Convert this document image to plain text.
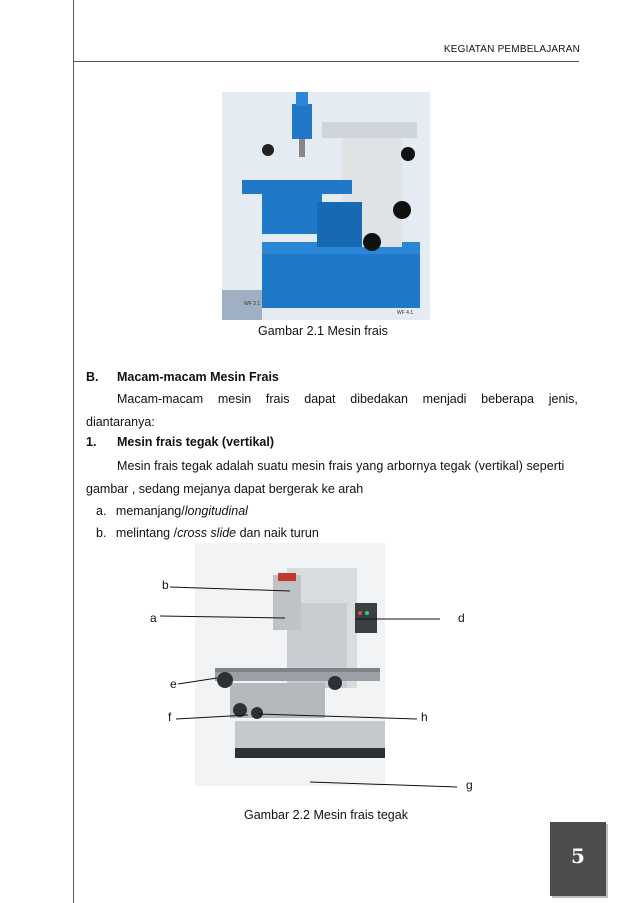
KEGIATAN PEMBELAJARAN
WF 3.1
WF 4.1
Gambar 2.1 Mesin frais
B. Macam-macam Mesin Frais
Macam-macam mesin frais dapat dibedakan menjadi beberapa jenis,
diantaranya:
1. Mesin frais tegak (vertikal)
Mesin frais tegak adalah suatu mesin frais yang arbornya tegak (vertikal) seperti
gambar , sedang mejanya dapat bergerak ke arah
a. memanjang/longitudinal
b. melintang /cross slide dan naik turun
b
a	d
e
f	h
g
Gambar 2.2 Mesin frais tegak
5
